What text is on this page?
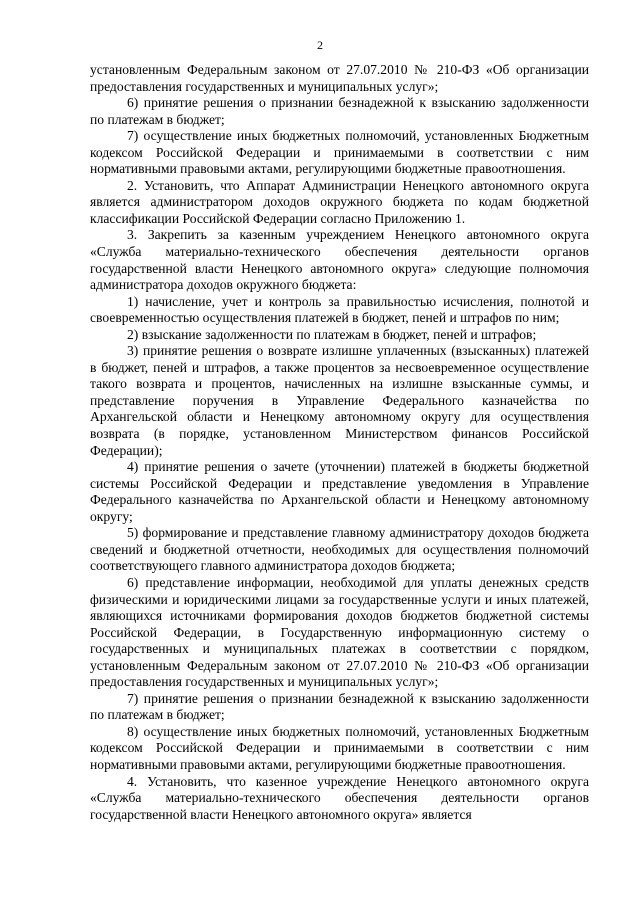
2

установленным Федеральным законом от 27.07.2010 № 210-ФЗ «Об организации предоставления государственных и муниципальных услуг»;

6) принятие решения о признании безнадежной к взысканию задолженности по платежам в бюджет;

7) осуществление иных бюджетных полномочий, установленных Бюджетным кодексом Российской Федерации и принимаемыми в соответствии с ним нормативными правовыми актами, регулирующими бюджетные правоотношения.

2. Установить, что Аппарат Администрации Ненецкого автономного округа является администратором доходов окружного бюджета по кодам бюджетной классификации Российской Федерации согласно Приложению 1.

3. Закрепить за казенным учреждением Ненецкого автономного округа «Служба материально-технического обеспечения деятельности органов государственной власти Ненецкого автономного округа» следующие полномочия администратора доходов окружного бюджета:

1) начисление, учет и контроль за правильностью исчисления, полнотой и своевременностью осуществления платежей в бюджет, пеней и штрафов по ним;

2) взыскание задолженности по платежам в бюджет, пеней и штрафов;

3) принятие решения о возврате излишне уплаченных (взысканных) платежей в бюджет, пеней и штрафов, а также процентов за несвоевременное осуществление такого возврата и процентов, начисленных на излишне взысканные суммы, и представление поручения в Управление Федерального казначейства по Архангельской области и Ненецкому автономному округу для осуществления возврата (в порядке, установленном Министерством финансов Российской Федерации);

4) принятие решения о зачете (уточнении) платежей в бюджеты бюджетной системы Российской Федерации и представление уведомления в Управление Федерального казначейства по Архангельской области и Ненецкому автономному округу;

5) формирование и представление главному администратору доходов бюджета сведений и бюджетной отчетности, необходимых для осуществления полномочий соответствующего главного администратора доходов бюджета;

6) представление информации, необходимой для уплаты денежных средств физическими и юридическими лицами за государственные услуги и иных платежей, являющихся источниками формирования доходов бюджетов бюджетной системы Российской Федерации, в Государственную информационную систему о государственных и муниципальных платежах в соответствии с порядком, установленным Федеральным законом от 27.07.2010 № 210-ФЗ «Об организации предоставления государственных и муниципальных услуг»;

7) принятие решения о признании безнадежной к взысканию задолженности по платежам в бюджет;

8) осуществление иных бюджетных полномочий, установленных Бюджетным кодексом Российской Федерации и принимаемыми в соответствии с ним нормативными правовыми актами, регулирующими бюджетные правоотношения.

4. Установить, что казенное учреждение Ненецкого автономного округа «Служба материально-технического обеспечения деятельности органов государственной власти Ненецкого автономного округа» является
